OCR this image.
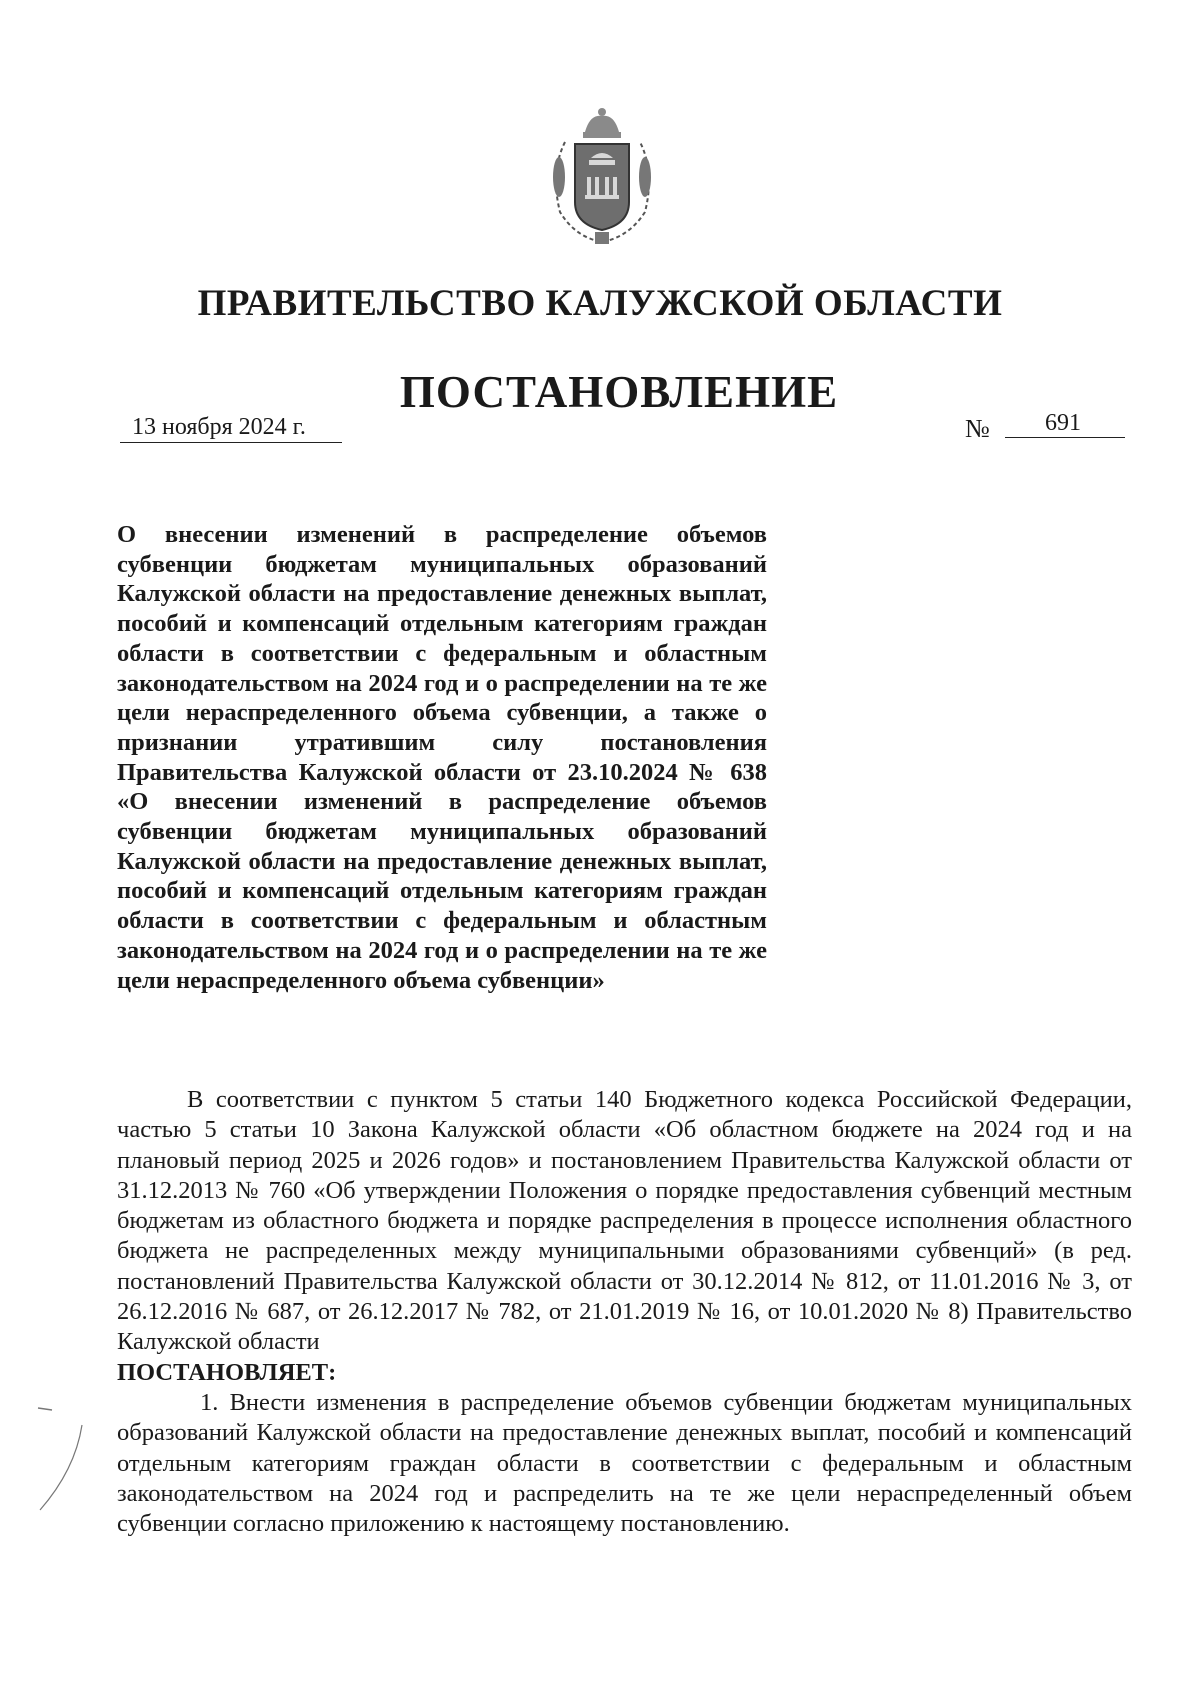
ПРАВИТЕЛЬСТВО КАЛУЖСКОЙ ОБЛАСТИ
ПОСТАНОВЛЕНИЕ
13 ноября 2024 г.	№	691
О внесении изменений в распределение объемов субвенции бюджетам муниципальных образований Калужской области на предоставление денежных выплат, пособий и компенсаций отдельным категориям граждан области в соответствии с федеральным и областным законодательством на 2024 год и о распределении на те же цели нераспределенного объема субвенции, а также о признании утратившим силу постановления Правительства Калужской области от 23.10.2024 № 638 «О внесении изменений в распределение объемов субвенции бюджетам муниципальных образований Калужской области на предоставление денежных выплат, пособий и компенсаций отдельным категориям граждан области в соответствии с федеральным и областным законодательством на 2024 год и о распределении на те же цели нераспределенного объема субвенции»

В соответствии с пунктом 5 статьи 140 Бюджетного кодекса Российской Федерации, частью 5 статьи 10 Закона Калужской области «Об областном бюджете на 2024 год и на плановый период 2025 и 2026 годов» и постановлением Правительства Калужской области от 31.12.2013 № 760 «Об утверждении Положения о порядке предоставления субвенций местным бюджетам из областного бюджета и порядке распределения в процессе исполнения областного бюджета не распределенных между муниципальными образованиями субвенций» (в ред. постановлений Правительства Калужской области от 30.12.2014 № 812, от 11.01.2016 № 3, от 26.12.2016 № 687, от 26.12.2017 № 782, от 21.01.2019 № 16, от 10.01.2020 № 8) Правительство Калужской области

ПОСТАНОВЛЯЕТ:

1. Внести изменения в распределение объемов субвенции бюджетам муниципальных образований Калужской области на предоставление денежных выплат, пособий и компенсаций отдельным категориям граждан области в соответствии с федеральным и областным законодательством на 2024 год и распределить на те же цели нераспределенный объем субвенции согласно приложению к настоящему постановлению.
